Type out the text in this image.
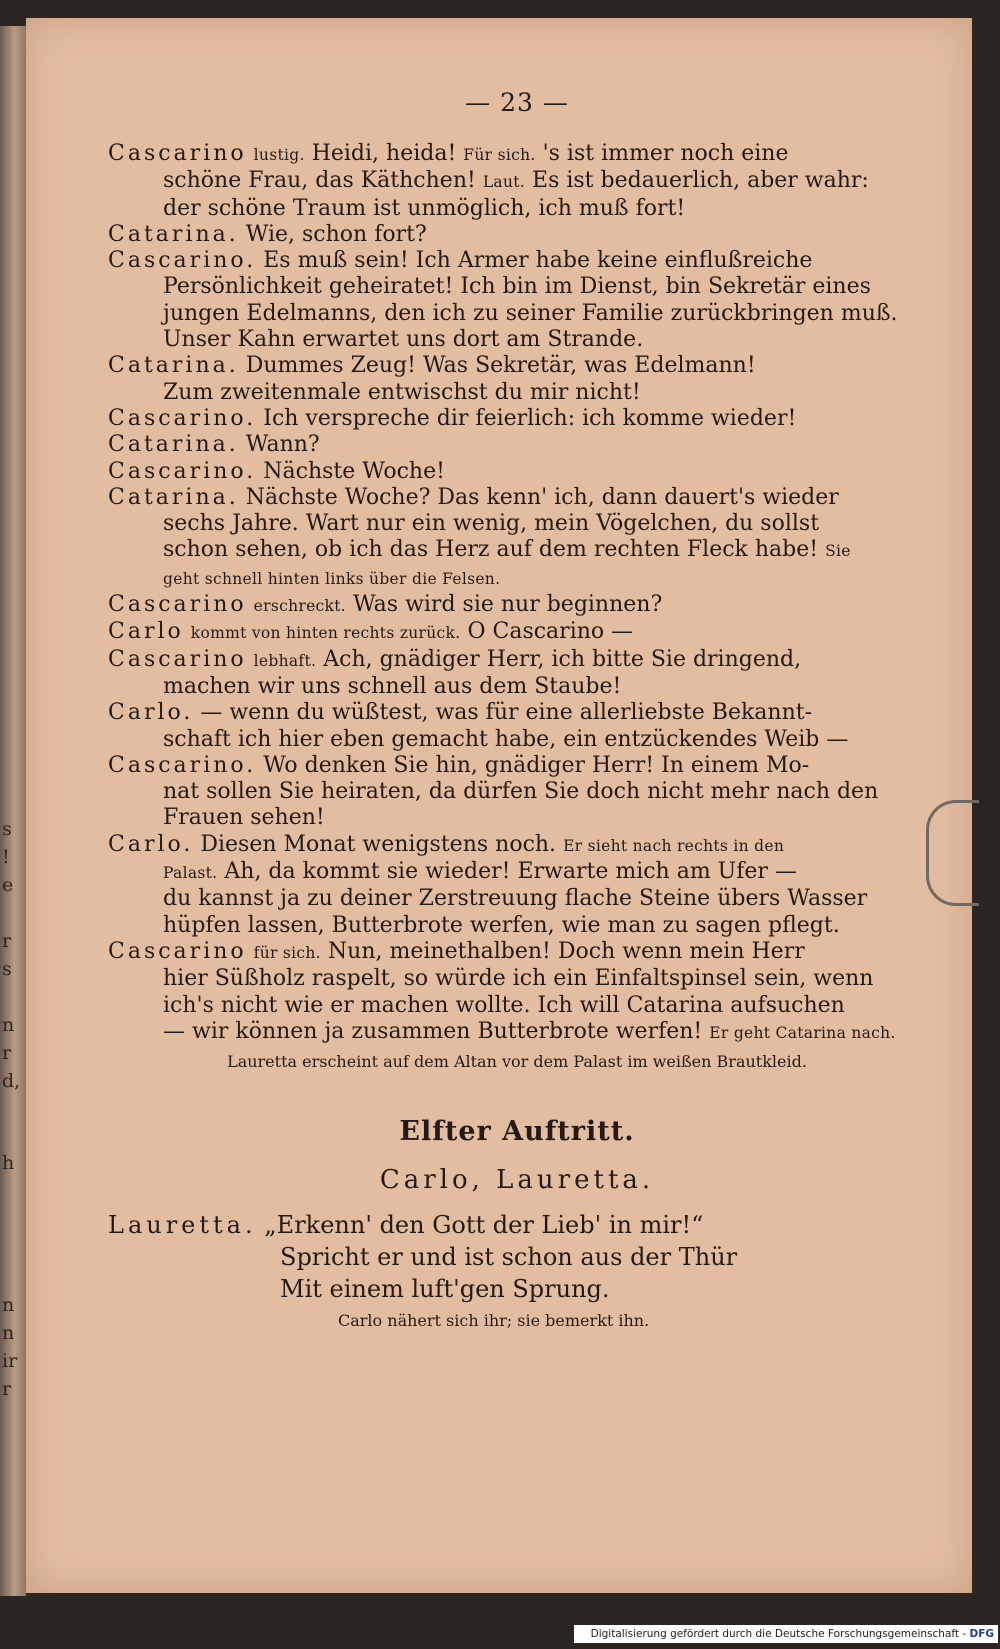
s
!
e
r
s
n
r
d,
h
n
n
ir
r
— 23 —
Cascarino lustig. Heidi, heida! Für sich. 's ist immer noch eine
schöne Frau, das Käthchen! Laut. Es ist bedauerlich, aber wahr:
der schöne Traum ist unmöglich, ich muß fort!
Catarina. Wie, schon fort?
Cascarino. Es muß sein! Ich Armer habe keine einflußreiche
Persönlichkeit geheiratet! Ich bin im Dienst, bin Sekretär eines
jungen Edelmanns, den ich zu seiner Familie zurückbringen muß.
Unser Kahn erwartet uns dort am Strande.
Catarina. Dummes Zeug! Was Sekretär, was Edelmann!
Zum zweitenmale entwischst du mir nicht!
Cascarino. Ich verspreche dir feierlich: ich komme wieder!
Catarina. Wann?
Cascarino. Nächste Woche!
Catarina. Nächste Woche? Das kenn' ich, dann dauert's wieder
sechs Jahre. Wart nur ein wenig, mein Vögelchen, du sollst
schon sehen, ob ich das Herz auf dem rechten Fleck habe! Sie
geht schnell hinten links über die Felsen.
Cascarino erschreckt. Was wird sie nur beginnen?
Carlo kommt von hinten rechts zurück. O Cascarino —
Cascarino lebhaft. Ach, gnädiger Herr, ich bitte Sie dringend,
machen wir uns schnell aus dem Staube!
Carlo. — wenn du wüßtest, was für eine allerliebste Bekannt-
schaft ich hier eben gemacht habe, ein entzückendes Weib —
Cascarino. Wo denken Sie hin, gnädiger Herr! In einem Mo-
nat sollen Sie heiraten, da dürfen Sie doch nicht mehr nach den
Frauen sehen!
Carlo. Diesen Monat wenigstens noch. Er sieht nach rechts in den
Palast. Ah, da kommt sie wieder! Erwarte mich am Ufer —
du kannst ja zu deiner Zerstreuung flache Steine übers Wasser
hüpfen lassen, Butterbrote werfen, wie man zu sagen pflegt.
Cascarino für sich. Nun, meinethalben! Doch wenn mein Herr
hier Süßholz raspelt, so würde ich ein Einfaltspinsel sein, wenn
ich's nicht wie er machen wollte. Ich will Catarina aufsuchen
— wir können ja zusammen Butterbrote werfen! Er geht Catarina nach.
Lauretta erscheint auf dem Altan vor dem Palast im weißen Brautkleid.
Elfter Auftritt.
Carlo, Lauretta.
Lauretta. „Erkenn' den Gott der Lieb' in mir!“
Spricht er und ist schon aus der Thür
Mit einem luft'gen Sprung.
Carlo nähert sich ihr; sie bemerkt ihn.
Digitalisierung gefördert durch die Deutsche Forschungsgemeinschaft - DFG
